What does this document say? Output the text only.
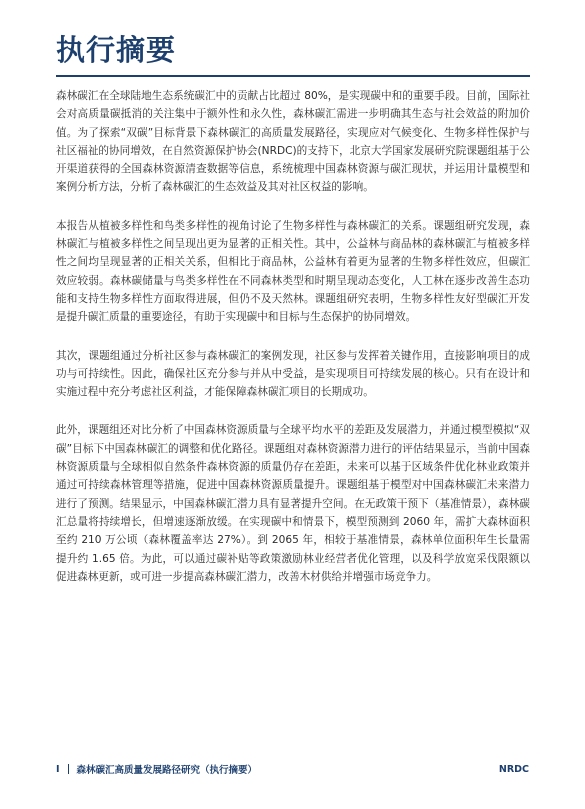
执行摘要

森林碳汇在全球陆地生态系统碳汇中的贡献占比超过 80%，是实现碳中和的重要手段。目前，国际社会对高质量碳抵消的关注集中于额外性和永久性，森林碳汇需进一步明确其生态与社会效益的附加价值。为了探索“双碳”目标背景下森林碳汇的高质量发展路径，实现应对气候变化、生物多样性保护与社区福祉的协同增效，在自然资源保护协会(NRDC)的支持下，北京大学国家发展研究院课题组基于公开渠道获得的全国森林资源清查数据等信息，系统梳理中国森林资源与碳汇现状，并运用计量模型和案例分析方法，分析了森林碳汇的生态效益及其对社区权益的影响。

本报告从植被多样性和鸟类多样性的视角讨论了生物多样性与森林碳汇的关系。课题组研究发现，森林碳汇与植被多样性之间呈现出更为显著的正相关性。其中，公益林与商品林的森林碳汇与植被多样性之间均呈现显著的正相关关系，但相比于商品林，公益林有着更为显著的生物多样性效应，但碳汇效应较弱。森林碳储量与鸟类多样性在不同森林类型和时期呈现动态变化，人工林在逐步改善生态功能和支持生物多样性方面取得进展，但仍不及天然林。课题组研究表明，生物多样性友好型碳汇开发是提升碳汇质量的重要途径，有助于实现碳中和目标与生态保护的协同增效。

其次，课题组通过分析社区参与森林碳汇的案例发现，社区参与发挥着关键作用，直接影响项目的成功与可持续性。因此，确保社区充分参与并从中受益，是实现项目可持续发展的核心。只有在设计和实施过程中充分考虑社区利益，才能保障森林碳汇项目的长期成功。

此外，课题组还对比分析了中国森林资源质量与全球平均水平的差距及发展潜力，并通过模型模拟“双碳”目标下中国森林碳汇的调整和优化路径。课题组对森林资源潜力进行的评估结果显示，当前中国森林资源质量与全球相似自然条件森林资源的质量仍存在差距，未来可以基于区域条件优化林业政策并通过可持续森林管理等措施，促进中国森林资源质量提升。课题组基于模型对中国森林碳汇未来潜力进行了预测。结果显示，中国森林碳汇潜力具有显著提升空间。在无政策干预下（基准情景），森林碳汇总量将持续增长，但增速逐渐放缓。在实现碳中和情景下，模型预测到 2060 年，需扩大森林面积至约 210 万公顷（森林覆盖率达 27%）。到 2065 年，相较于基准情景，森林单位面积年生长量需提升约 1.65 倍。为此，可以通过碳补贴等政策激励林业经营者优化管理，以及科学放宽采伐限额以促进森林更新，或可进一步提高森林碳汇潜力，改善木材供给并增强市场竞争力。

I 森林碳汇高质量发展路径研究（执行摘要）	NRDC
